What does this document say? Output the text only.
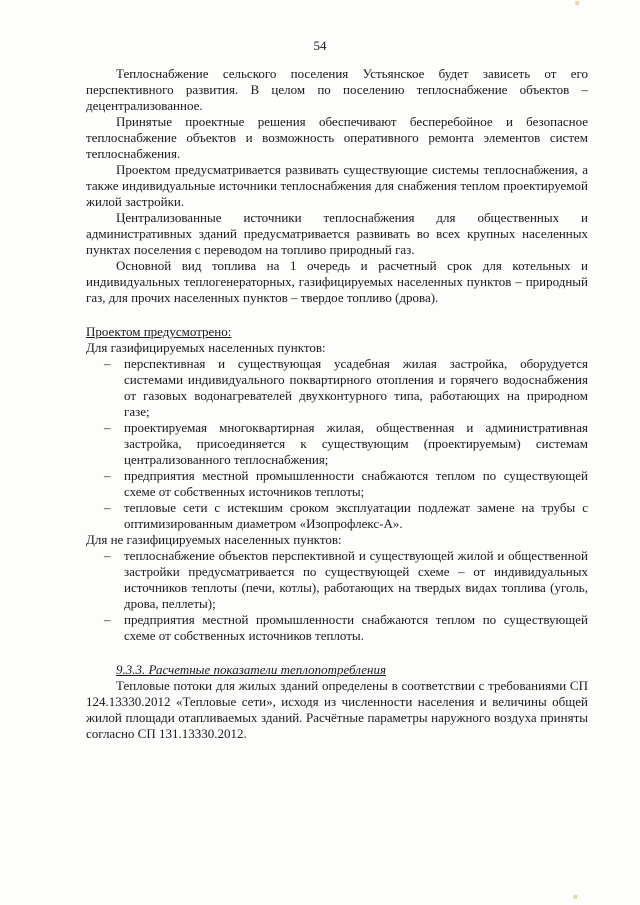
54

Теплоснабжение сельского поселения Устьянское будет зависеть от его перспективного развития. В целом по поселению теплоснабжение объектов – децентрализованное.

Принятые проектные решения обеспечивают бесперебойное и безопасное теплоснабжение объектов и возможность оперативного ремонта элементов систем теплоснабжения.

Проектом предусматривается развивать существующие системы теплоснабжения, а также индивидуальные источники теплоснабжения для снабжения теплом проектируемой жилой застройки.

Централизованные источники теплоснабжения для общественных и административных зданий предусматривается развивать во всех крупных населенных пунктах поселения с переводом на топливо природный газ.

Основной вид топлива на 1 очередь и расчетный срок для котельных и индивидуальных теплогенераторных, газифицируемых населенных пунктов – природный газ, для прочих населенных пунктов – твердое топливо (дрова).

Проектом предусмотрено:

Для газифицируемых населенных пунктов:

– перспективная и существующая усадебная жилая застройка, оборудуется системами индивидуального поквартирного отопления и горячего водоснабжения от газовых водонагревателей двухконтурного типа, работающих на природном газе;
– проектируемая многоквартирная жилая, общественная и административная застройка, присоединяется к существующим (проектируемым) системам централизованного теплоснабжения;
– предприятия местной промышленности снабжаются теплом по существующей схеме от собственных источников теплоты;
– тепловые сети с истекшим сроком эксплуатации подлежат замене на трубы с оптимизированным диаметром «Изопрофлекс-А».

Для не газифицируемых населенных пунктов:

– теплоснабжение объектов перспективной и существующей жилой и общественной застройки предусматривается по существующей схеме – от индивидуальных источников теплоты (печи, котлы), работающих на твердых видах топлива (уголь, дрова, пеллеты);
– предприятия местной промышленности снабжаются теплом по существующей схеме от собственных источников теплоты.

9.3.3. Расчетные показатели теплопотребления

Тепловые потоки для жилых зданий определены в соответствии с требованиями СП 124.13330.2012 «Тепловые сети», исходя из численности населения и величины общей жилой площади отапливаемых зданий. Расчётные параметры наружного воздуха приняты согласно СП 131.13330.2012.

▪
▪
